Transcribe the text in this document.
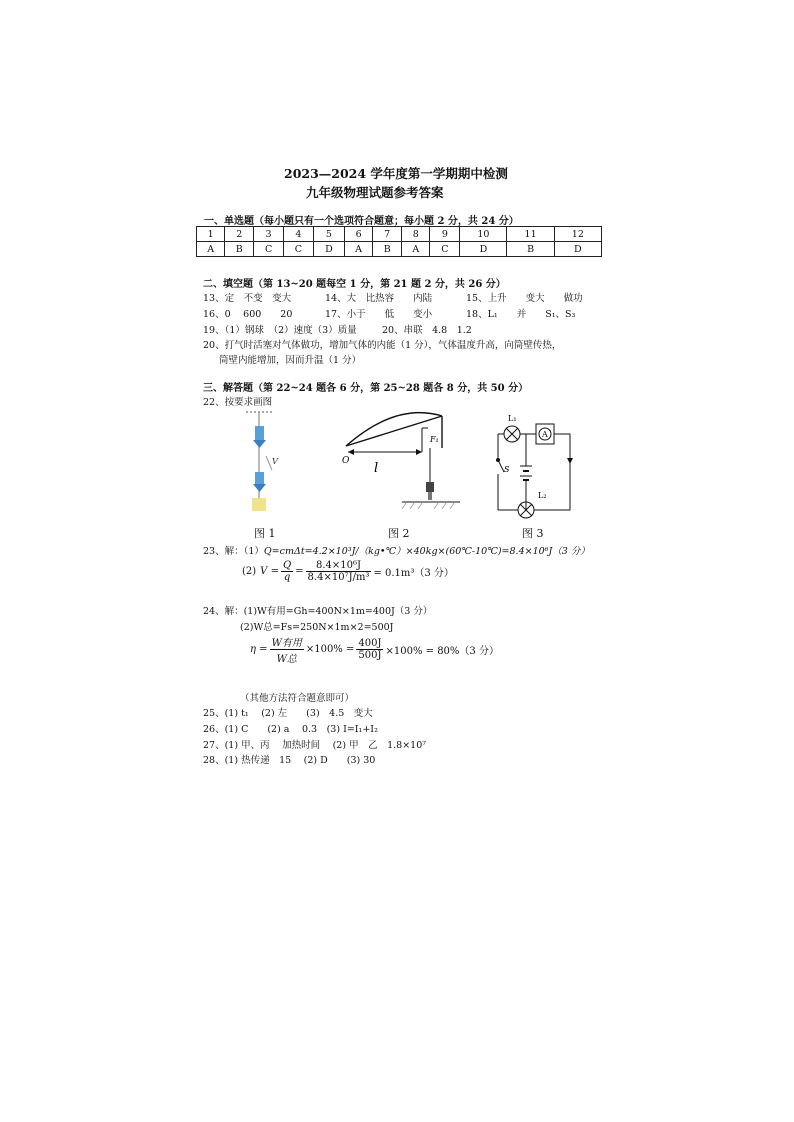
2023—2024 学年度第一学期期中检测
九年级物理试题参考答案
一、单选题（每小题只有一个选项符合题意；每小题 2 分，共 24 分）
1	2	3	4	5	6	7	8	9	10	11	12
A	B	C	C	D	A	B	A	C	D	B	D
二、填空题（第 13~20 题每空 1 分，第 21 题 2 分，共 26 分）
13、定　不变　变大	14、大　比热容　　内陆	15、上升　　变大　　做功
16、0　 600　　20	17、小于　　低　　变小	18、L₁　　并　　S₁、S₃
19、（1）钢球　（2）速度（3）质量	20、串联　4.8　1.2
20、打气时活塞对气体做功，增加气体的内能（1 分），气体温度升高，向筒壁传热，
筒壁内能增加，因而升温（1 分）
三、解答题（第 22~24 题各 6 分，第 25~28 题各 8 分，共 50 分）
22、按要求画图
V
图 1
F₁
O l
图 2
L₁
A
S
L₂
图 3
23、解：（1）Q=cmΔt=4.2×10³J/（kg•℃）×40kg×(60℃-10℃)=8.4×10⁶J（3 分）
(2) $V = \frac{Q}{q} = \frac{\text{8.4×10⁶J}}{\text{8.4×10⁷J/m³}} = 0.1m^3(3$ 分）
24、解：(1)W有用=Gh=400N×1m=400J（3 分）
(2)W总=Fs=250N×1m×2=500J
$\eta = \frac{\text{W有用}}{\text{W总}} \times 100\% = \frac{400J}{500J} \times 100\% = 80\%(3$ 分）
（其他方法符合题意即可）
25、(1) t₁　 (2) 左　　(3)　4.5　变大
26、(1) C　　(2) a　 0.3　(3) I=I₁+I₂
27、(1) 甲、丙　 加热时间　 (2) 甲　乙　1.8×10⁷
28、(1) 热传递　15　 (2) D　　(3) 30
